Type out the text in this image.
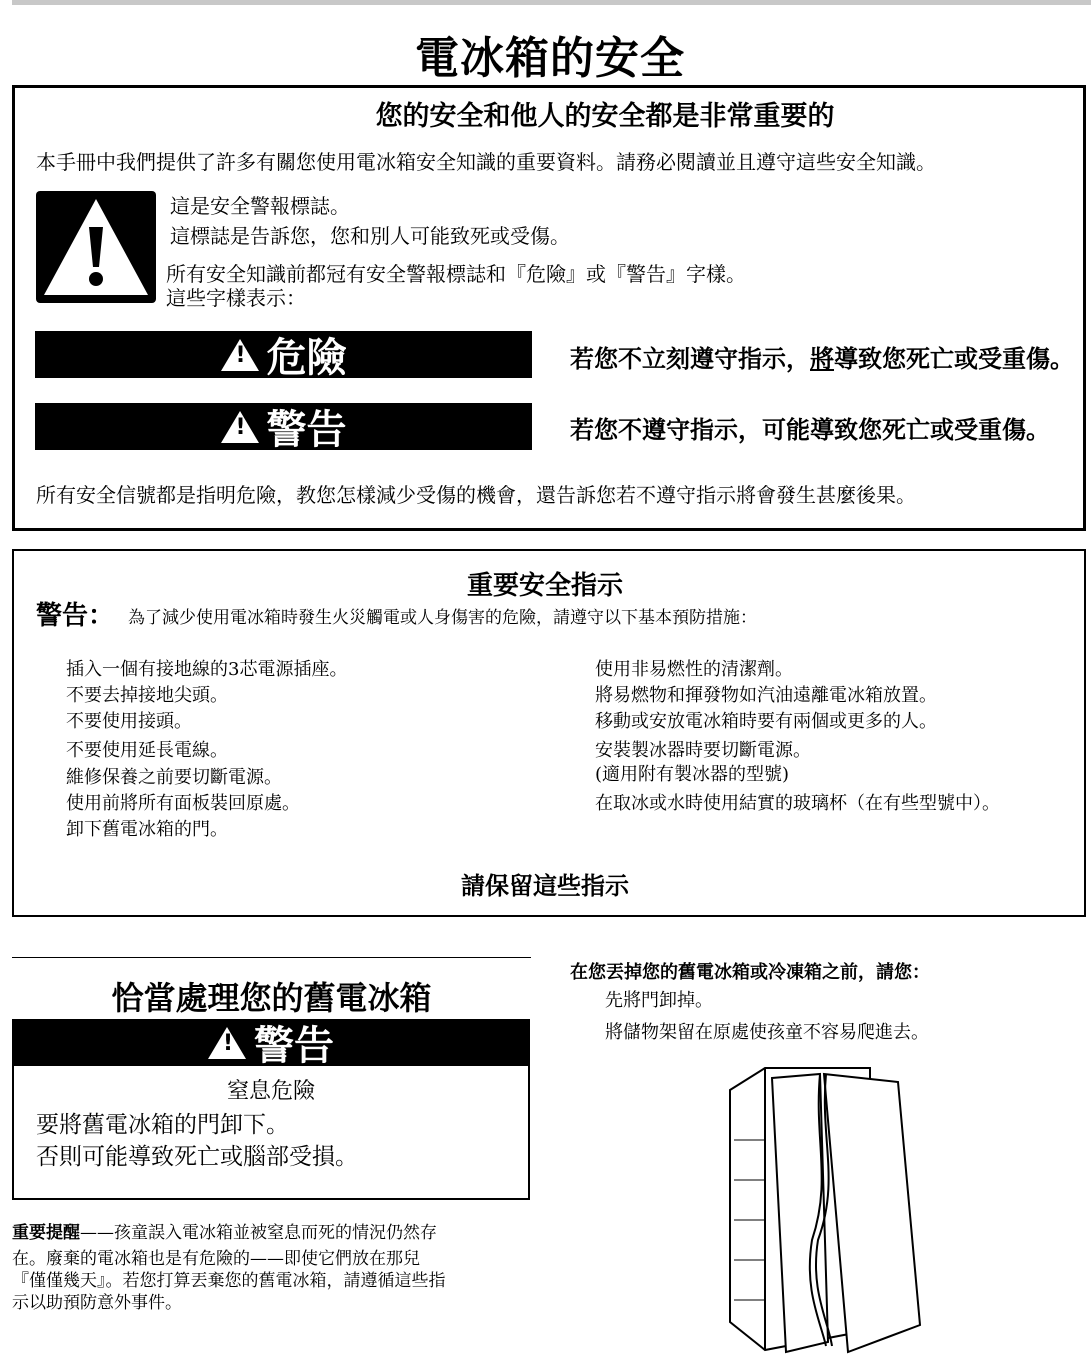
電冰箱的安全
您的安全和他人的安全都是非常重要的
本手冊中我們提供了許多有關您使用電冰箱安全知識的重要資料。請務必閱讀並且遵守這些安全知識。
這是安全警報標誌。
這標誌是告訴您，您和別人可能致死或受傷。
所有安全知識前都冠有安全警報標誌和『危險』或『警告』字樣。
這些字樣表示：
!
危險	若您不立刻遵守指示，將導致您死亡或受重傷。
!
警告	若您不遵守指示，可能導致您死亡或受重傷。
所有安全信號都是指明危險，教您怎樣減少受傷的機會，還告訴您若不遵守指示將會發生甚麼後果。
重要安全指示
警告： 為了減少使用電冰箱時發生火災觸電或人身傷害的危險，請遵守以下基本預防措施：
插入一個有接地線的3芯電源插座。
不要去掉接地尖頭。
不要使用接頭。
不要使用延長電線。
維修保養之前要切斷電源。
使用前將所有面板裝回原處。
卸下舊電冰箱的門。
使用非易燃性的清潔劑。
將易燃物和揮發物如汽油遠離電冰箱放置。
移動或安放電冰箱時要有兩個或更多的人。
安裝製冰器時要切斷電源。
(適用附有製冰器的型號)
在取冰或水時使用結實的玻璃杯（在有些型號中）。
請保留這些指示
恰當處理您的舊電冰箱
!
警告
窒息危險
要將舊電冰箱的門卸下。
否則可能導致死亡或腦部受損。
重要提醒——孩童誤入電冰箱並被窒息而死的情況仍然存
在。廢棄的電冰箱也是有危險的——即使它們放在那兒
『僅僅幾天』。若您打算丟棄您的舊電冰箱，請遵循這些指
示以助預防意外事件。
在您丟掉您的舊電冰箱或冷凍箱之前，請您：
先將門卸掉。
將儲物架留在原處使孩童不容易爬進去。
